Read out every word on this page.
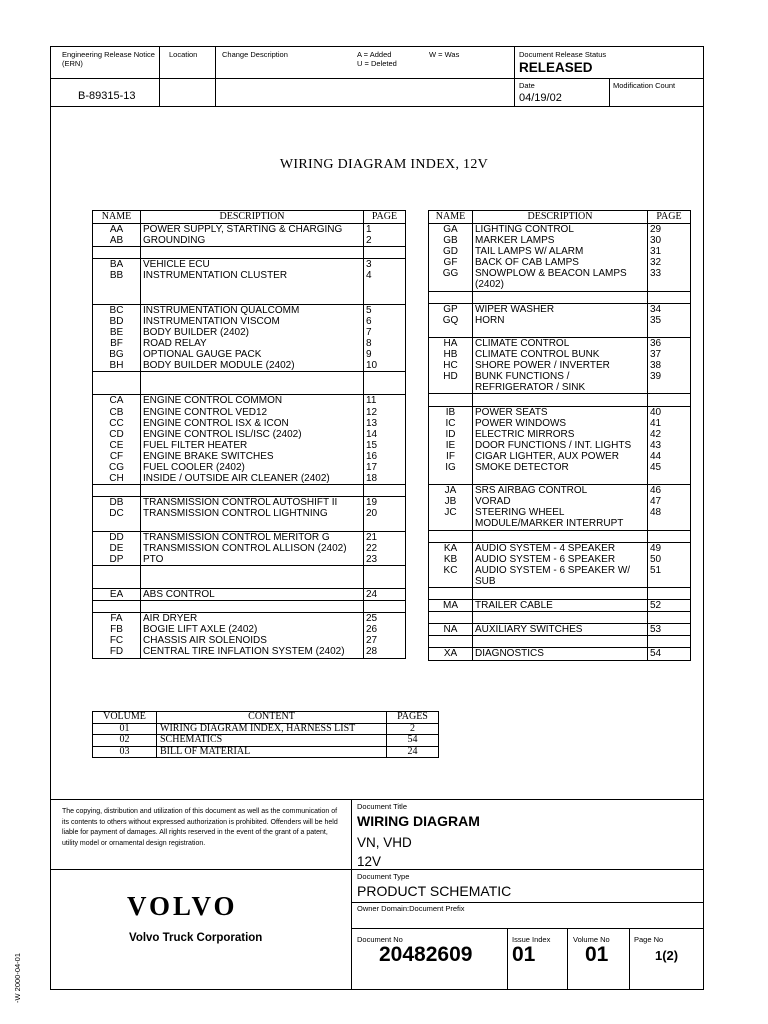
Engineering Release Notice (ERN)
B-89315-13
Location	Change Description	A = Added
U = Deleted
W = Was	Document Release Status
RELEASED
Date
04/19/02
Modification Count
WIRING DIAGRAM INDEX, 12V
NAME	DESCRIPTION	PAGE
AA	POWER SUPPLY, STARTING & CHARGING	1
AB	GROUNDING	2

BA	VEHICLE ECU	3
BB	INSTRUMENTATION CLUSTER	4

BC	INSTRUMENTATION QUALCOMM	5
BD	INSTRUMENTATION VISCOM	6
BE	BODY BUILDER (2402)	7
BF	ROAD RELAY	8
BG	OPTIONAL GAUGE PACK	9
BH	BODY BUILDER MODULE (2402)	10

CA	ENGINE CONTROL COMMON	11
CB	ENGINE CONTROL VED12	12
CC	ENGINE CONTROL ISX & ICON	13
CD	ENGINE CONTROL ISL/ISC (2402)	14
CE	FUEL FILTER HEATER	15
CF	ENGINE BRAKE SWITCHES	16
CG	FUEL COOLER (2402)	17
CH	INSIDE / OUTSIDE AIR CLEANER (2402)	18

DB	TRANSMISSION CONTROL AUTOSHIFT II	19
DC	TRANSMISSION CONTROL LIGHTNING	20

DD	TRANSMISSION CONTROL MERITOR G	21
DE	TRANSMISSION CONTROL ALLISON (2402)	22
DP	PTO	23

EA	ABS CONTROL	24

FA	AIR DRYER	25
FB	BOGIE LIFT AXLE (2402)	26
FC	CHASSIS AIR SOLENOIDS	27
FD	CENTRAL TIRE INFLATION SYSTEM (2402)	28
NAME	DESCRIPTION	PAGE
GA	LIGHTING CONTROL	29
GB	MARKER LAMPS	30
GD	TAIL LAMPS W/ ALARM	31
GF	BACK OF CAB LAMPS	32
GG	SNOWPLOW & BEACON LAMPS	33
	(2402)	

GP	WIPER WASHER	34
GQ	HORN	35

HA	CLIMATE CONTROL	36
HB	CLIMATE CONTROL BUNK	37
HC	SHORE POWER / INVERTER	38
HD	BUNK FUNCTIONS /	39
	REFRIGERATOR / SINK	

IB	POWER SEATS	40
IC	POWER WINDOWS	41
ID	ELECTRIC MIRRORS	42
IE	DOOR FUNCTIONS / INT. LIGHTS	43
IF	CIGAR LIGHTER, AUX POWER	44
IG	SMOKE DETECTOR	45

JA	SRS AIRBAG CONTROL	46
JB	VORAD	47
JC	STEERING WHEEL	48
	MODULE/MARKER INTERRUPT	

KA	AUDIO SYSTEM - 4 SPEAKER	49
KB	AUDIO SYSTEM - 6 SPEAKER	50
KC	AUDIO SYSTEM - 6 SPEAKER W/	51
	SUB	

MA	TRAILER CABLE	52

NA	AUXILIARY SWITCHES	53

XA	DIAGNOSTICS	54
VOLUME	CONTENT	PAGES
01	WIRING DIAGRAM INDEX, HARNESS LIST	2
02	SCHEMATICS	54
03	BILL OF MATERIAL	24
The copying, distribution and utilization of this document as well as the communication of its contents to others without expressed authorization is prohibited. Offenders will be held liable for payment of damages. All rights reserved in the event of the grant of a patent, utility model or ornamental design registration.
VOLVO
Volvo Truck Corporation
Document Title
WIRING DIAGRAM
VN, VHD
12V
Document Type
PRODUCT SCHEMATIC
Owner Domain:Document Prefix
Document No
20482609
Issue Index
01
Volume No
01
Page No
1(2)
-W 2000-04-01
